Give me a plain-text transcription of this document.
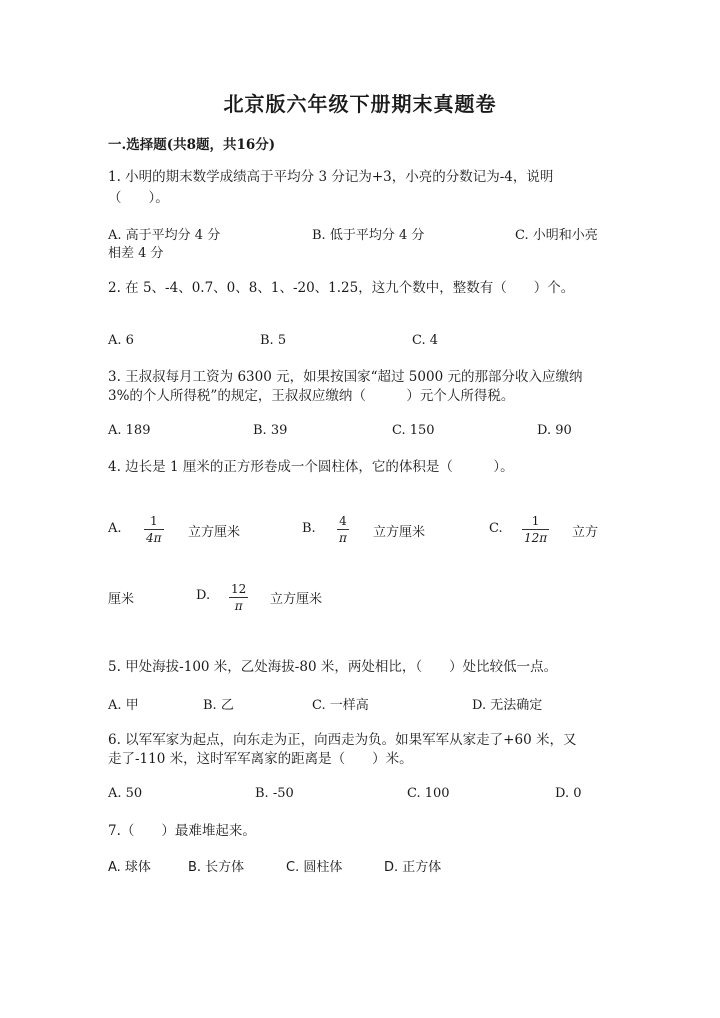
北京版六年级下册期末真题卷
一.选择题(共8题，共16分)
1. 小明的期末数学成绩高于平均分 3 分记为+3，小亮的分数记为-4，说明
（　　）。
A. 高于平均分 4 分	B. 低于平均分 4 分	C. 小明和小亮
相差 4 分
2. 在 5、-4、0.7、0、8、1、-20、1.25，这九个数中，整数有（　　）个。
A. 6	B. 5	C. 4
3. 王叔叔每月工资为 6300 元，如果按国家“超过 5000 元的那部分收入应缴纳
3%的个人所得税”的规定，王叔叔应缴纳（　　　）元个人所得税。
A. 189	B. 39	C. 150	D. 90
4. 边长是 1 厘米的正方形卷成一个圆柱体，它的体积是（　　　）。
A. 1
4π 立方厘米	B. 4
π 立方厘米	C. 1
12π 立方
厘米	D. 12
π 立方厘米
5. 甲处海拔-100 米，乙处海拔-80 米，两处相比，（　　）处比较低一点。
A. 甲	B. 乙	C. 一样高	D. 无法确定
6. 以军军家为起点，向东走为正，向西走为负。如果军军从家走了+60 米，又
走了-110 米，这时军军离家的距离是（　　）米。
A. 50	B. -50	C. 100	D. 0
7.（　　）最难堆起来。
A. 球体	B. 长方体	C. 圆柱体	D. 正方体
